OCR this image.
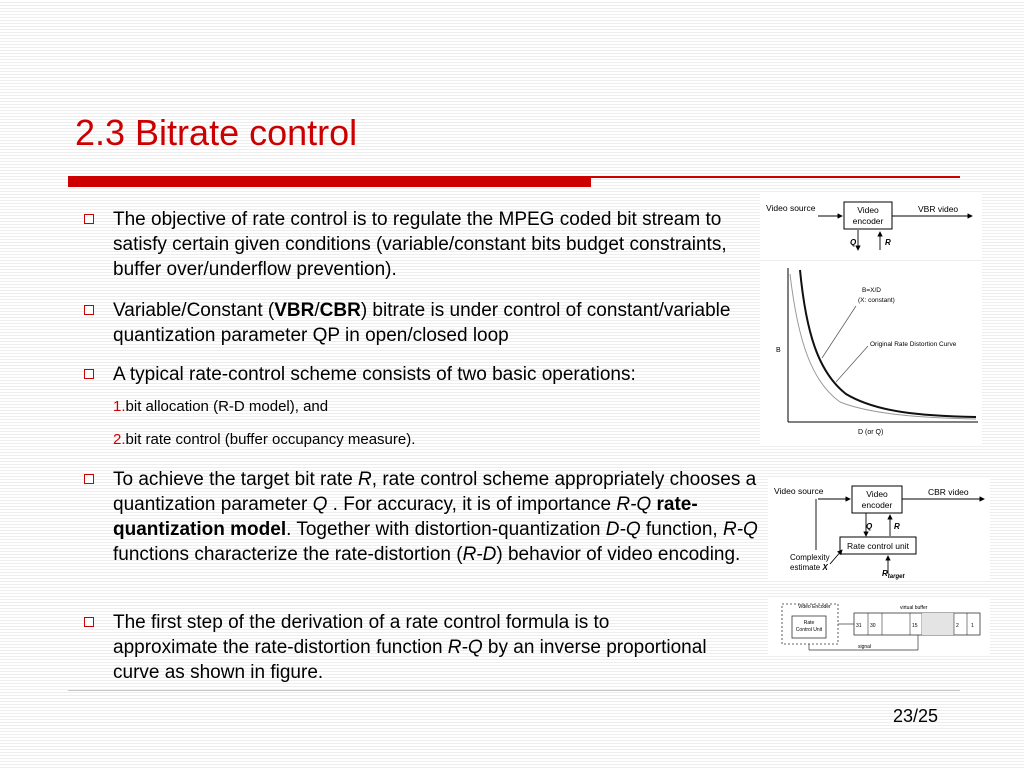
2.3 Bitrate control
The objective of rate control is to regulate the MPEG coded bit stream to satisfy certain given conditions (variable/constant bits budget constraints, buffer over/underflow prevention).
Variable/Constant (VBR/CBR) bitrate is under control of constant/variable quantization parameter QP in open/closed loop
A typical rate-control scheme consists of two basic operations:
1.bit allocation (R-D model), and
2.bit rate control (buffer occupancy measure).
To achieve the target bit rate R, rate control scheme appropriately chooses a quantization parameter Q . For accuracy, it is of importance R-Q rate-quantization model. Together with distortion-quantization D-Q function, R-Q functions characterize the rate-distortion (R-D) behavior of video encoding.
The first step of the derivation of a rate control formula is to approximate the rate-distortion function R-Q by an inverse proportional curve as shown in figure.
Video source	Video
encoder
VBR video
Q	R
B
D (or Q)
B=X/D
(X: constant)
Original Rate Distortion Curve
Video source	Video
encoder
CBR video
Q	R
Rate control unit
Complexity
estimate X
$R_{target}$
Video Encoder
Rate
Control Unit
virtual buffer
31 30	15	2 1
signal
23/25
